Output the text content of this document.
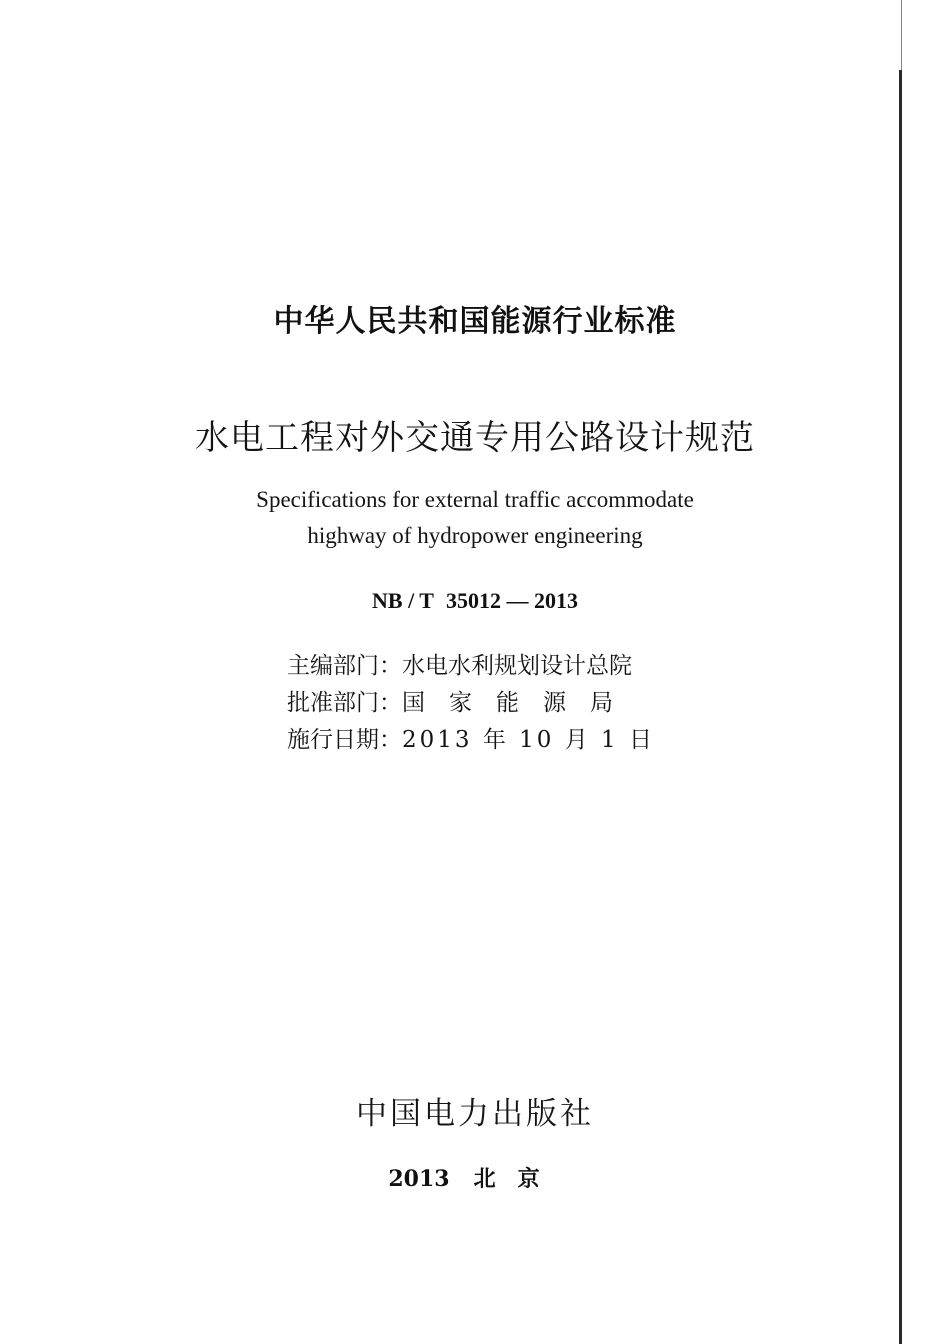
中华人民共和国能源行业标准
水电工程对外交通专用公路设计规范
Specifications for external traffic accommodate
highway of hydropower engineering
NB / T 35012 — 2013
主编部门：水电水利规划设计总院
批准部门：国家能源局
施行日期：2013 年 10 月 1 日
中国电力出版社
2013 北京
